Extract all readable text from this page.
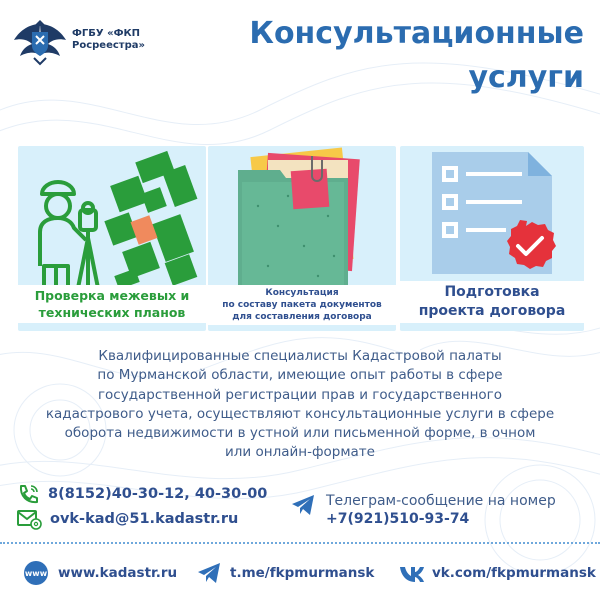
ФГБУ «ФКП
Росреестра»	Консультационные

услуги
Проверка межевых и
технических планов
Консультация
по составу пакета документов
для составления договора
Подготовка
проекта договора
Квалифицированные специалисты Кадастровой палаты
по Мурманской области, имеющие опыт работы в сфере
государственной регистрации прав и государственного
кадастрового учета, осуществляют консультационные услуги в сфере
оборота недвижимости в устной или письменной форме, в очном
или онлайн-формате
8(8152)40-30-12, 40-30-00
ovk-kad@51.kadastr.ru
Телеграм-сообщение на номер
+7(921)510-93-74
www www.kadastr.ru	t.me/fkpmurmansk	vk.com/fkpmurmansk
